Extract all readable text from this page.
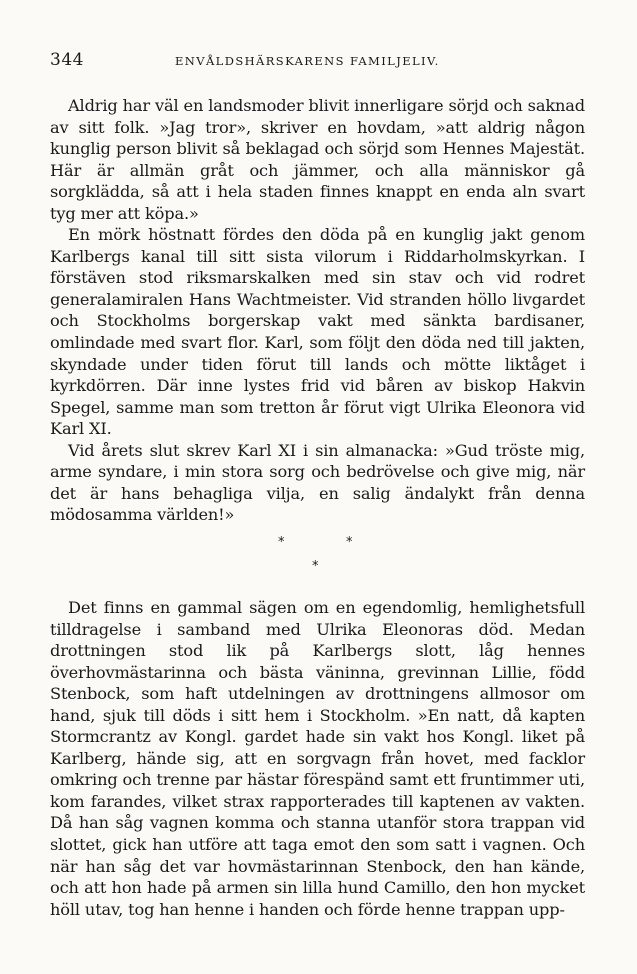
344	ENVÅLDSHÄRSKARENS FAMILJELIV.

Aldrig har väl en landsmoder blivit innerligare sörjd och saknad av sitt folk. »Jag tror», skriver en hovdam, »att aldrig någon kunglig person blivit så beklagad och sörjd som Hennes Majestät. Här är allmän gråt och jämmer, och alla människor gå sorgklädda, så att i hela staden finnes knappt en enda aln svart tyg mer att köpa.»

En mörk höstnatt fördes den döda på en kunglig jakt genom Karlbergs kanal till sitt sista vilorum i Riddarholmskyrkan. I förstäven stod riksmarskalken med sin stav och vid rodret generalamiralen Hans Wachtmeister. Vid stranden höllo livgardet och Stockholms borgerskap vakt med sänkta bardisaner, omlindade med svart flor. Karl, som följt den döda ned till jakten, skyndade under tiden förut till lands och mötte liktåget i kyrkdörren. Där inne lystes frid vid båren av biskop Hakvin Spegel, samme man som tretton år förut vigt Ulrika Eleonora vid Karl XI.

Vid årets slut skrev Karl XI i sin almanacka: »Gud tröste mig, arme syndare, i min stora sorg och bedrövelse och give mig, när det är hans behagliga vilja, en salig ändalykt från denna mödosamma världen!»

*	*
*

Det finns en gammal sägen om en egendomlig, hemlighetsfull tilldragelse i samband med Ulrika Eleonoras död. Medan drottningen stod lik på Karlbergs slott, låg hennes överhovmästarinna och bästa väninna, grevinnan Lillie, född Stenbock, som haft utdelningen av drottningens allmosor om hand, sjuk till döds i sitt hem i Stockholm. »En natt, då kapten Stormcrantz av Kongl. gardet hade sin vakt hos Kongl. liket på Karlberg, hände sig, att en sorgvagn från hovet, med facklor omkring och trenne par hästar förespänd samt ett fruntimmer uti, kom farandes, vilket strax rapporterades till kaptenen av vakten. Då han såg vagnen komma och stanna utanför stora trappan vid slottet, gick han utföre att taga emot den som satt i vagnen. Och när han såg det var hovmästarinnan Stenbock, den han kände, och att hon hade på armen sin lilla hund Camillo, den hon mycket höll utav, tog han henne i handen och förde henne trappan upp-
